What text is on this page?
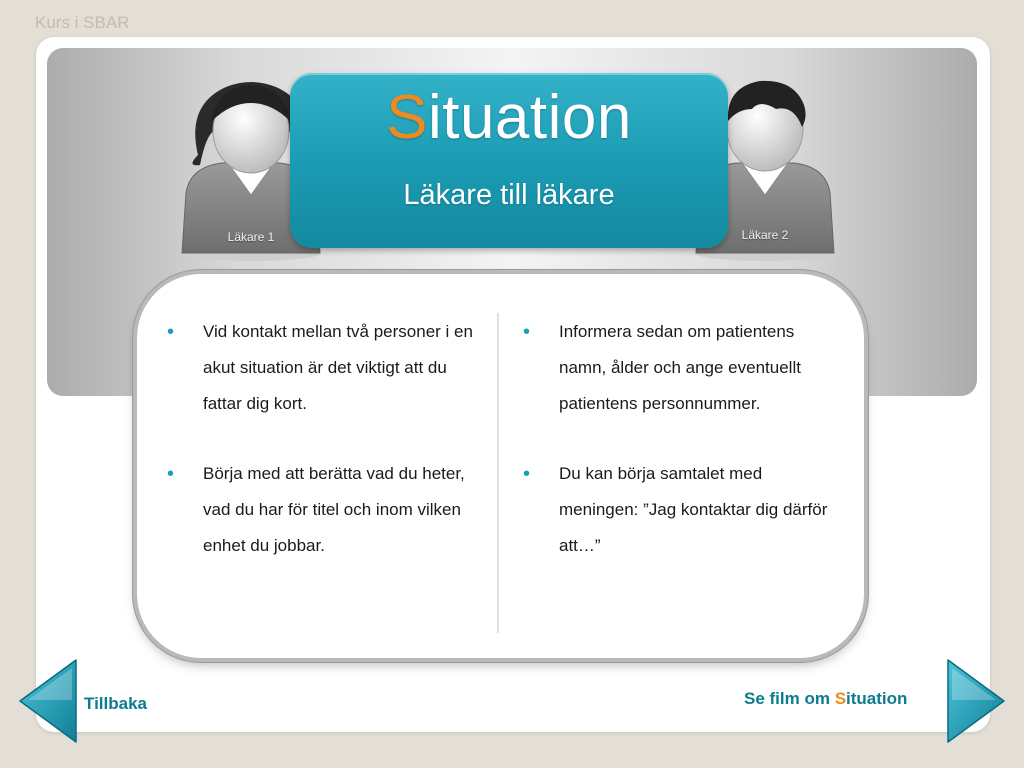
Kurs i SBAR
Läkare 1	Läkare 2
Situation
Läkare till läkare
• Vid kontakt mellan två personer i en akut situation är det viktigt att du fattar dig kort.
• Börja med att berätta vad du heter, vad du har för titel och inom vilken enhet du jobbar.
• Informera sedan om patientens namn, ålder och ange eventuellt patientens personnummer.
• Du kan börja samtalet med meningen: ”Jag kontaktar dig därför att…”
Tillbaka	Se film om Situation
